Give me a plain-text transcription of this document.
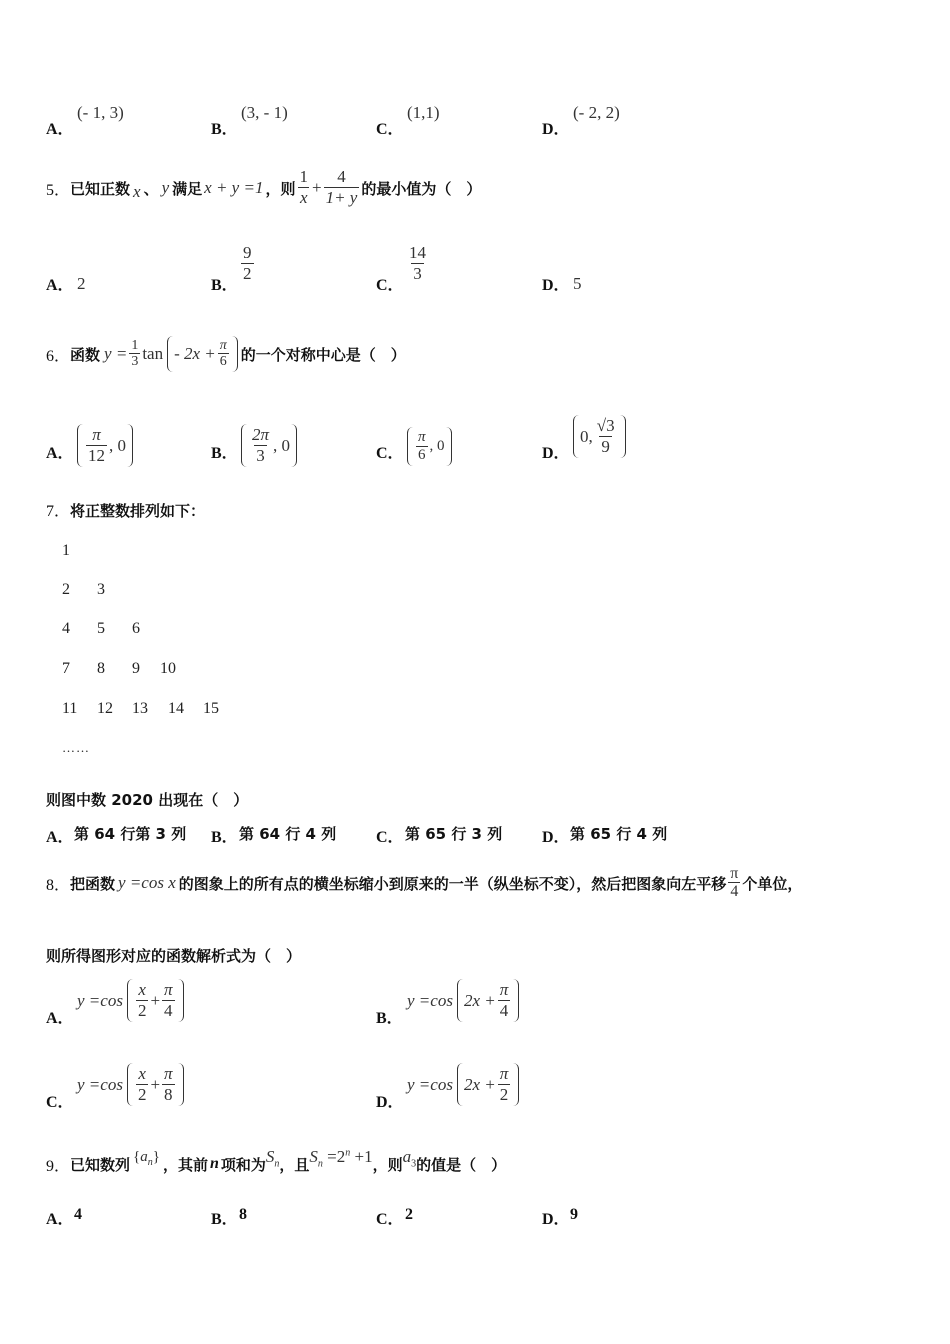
A．
(- 1, 3)
B．
(3, - 1)
C．
(1,1)
D．
(- 2, 2)
5． 已知正数 x 、 y 满足 x + y =1 ，则 $\frac{1}{x} + \frac{4}{1+ y}$ 的最小值为（　）
A． 2	B．
$\frac{9}{2}$
C．
$\frac{14}{3}$
D． 5
6． 函数 $y = \frac{1}{3}$ $\tan - 2x + \frac{\pi}{6}$ 的一个对称中心是（　）
A． $\frac{\pi}{12}$ , 0	B． $\frac{2\pi}{3}$ , 0	C． $\frac{\pi}{6}$ , 0	D．
0, $\frac{√3}{9}$
7．将正整数排列如下：
1
2 3
4 5 6
7 8 9 10
11 12 13 14 15
……
则图中数 2020 出现在（　）
A． 第 64 行第 3 列 B． 第 64 行 4 列 C． 第 65 行 3 列 D． 第 65 行 4 列
8． 把函数 y =cos x 的图象上的所有点的横坐标缩小到原来的一半（纵坐标不变），然后把图象向左平移 $\frac{\pi}{4}$ 个单位，
则所得图形对应的函数解析式为（　）
A．
$y =\cos \frac{x}{2} + \frac{\pi}{4}$	B．
y =cos $2x + \frac{\pi}{4}$
C．
$y =\cos \frac{x}{2} + \frac{\pi}{8}$	D．
y =cos $2x + \frac{\pi}{2}$
9． 已知数列 $\{a_n\}$ ，其前 n 项和为 $S_n$ ，且 $S_n =2^n +1$ ，则 $a_3$ 的值是（　）
A． 4	B． 8	C． 2	D． 9
